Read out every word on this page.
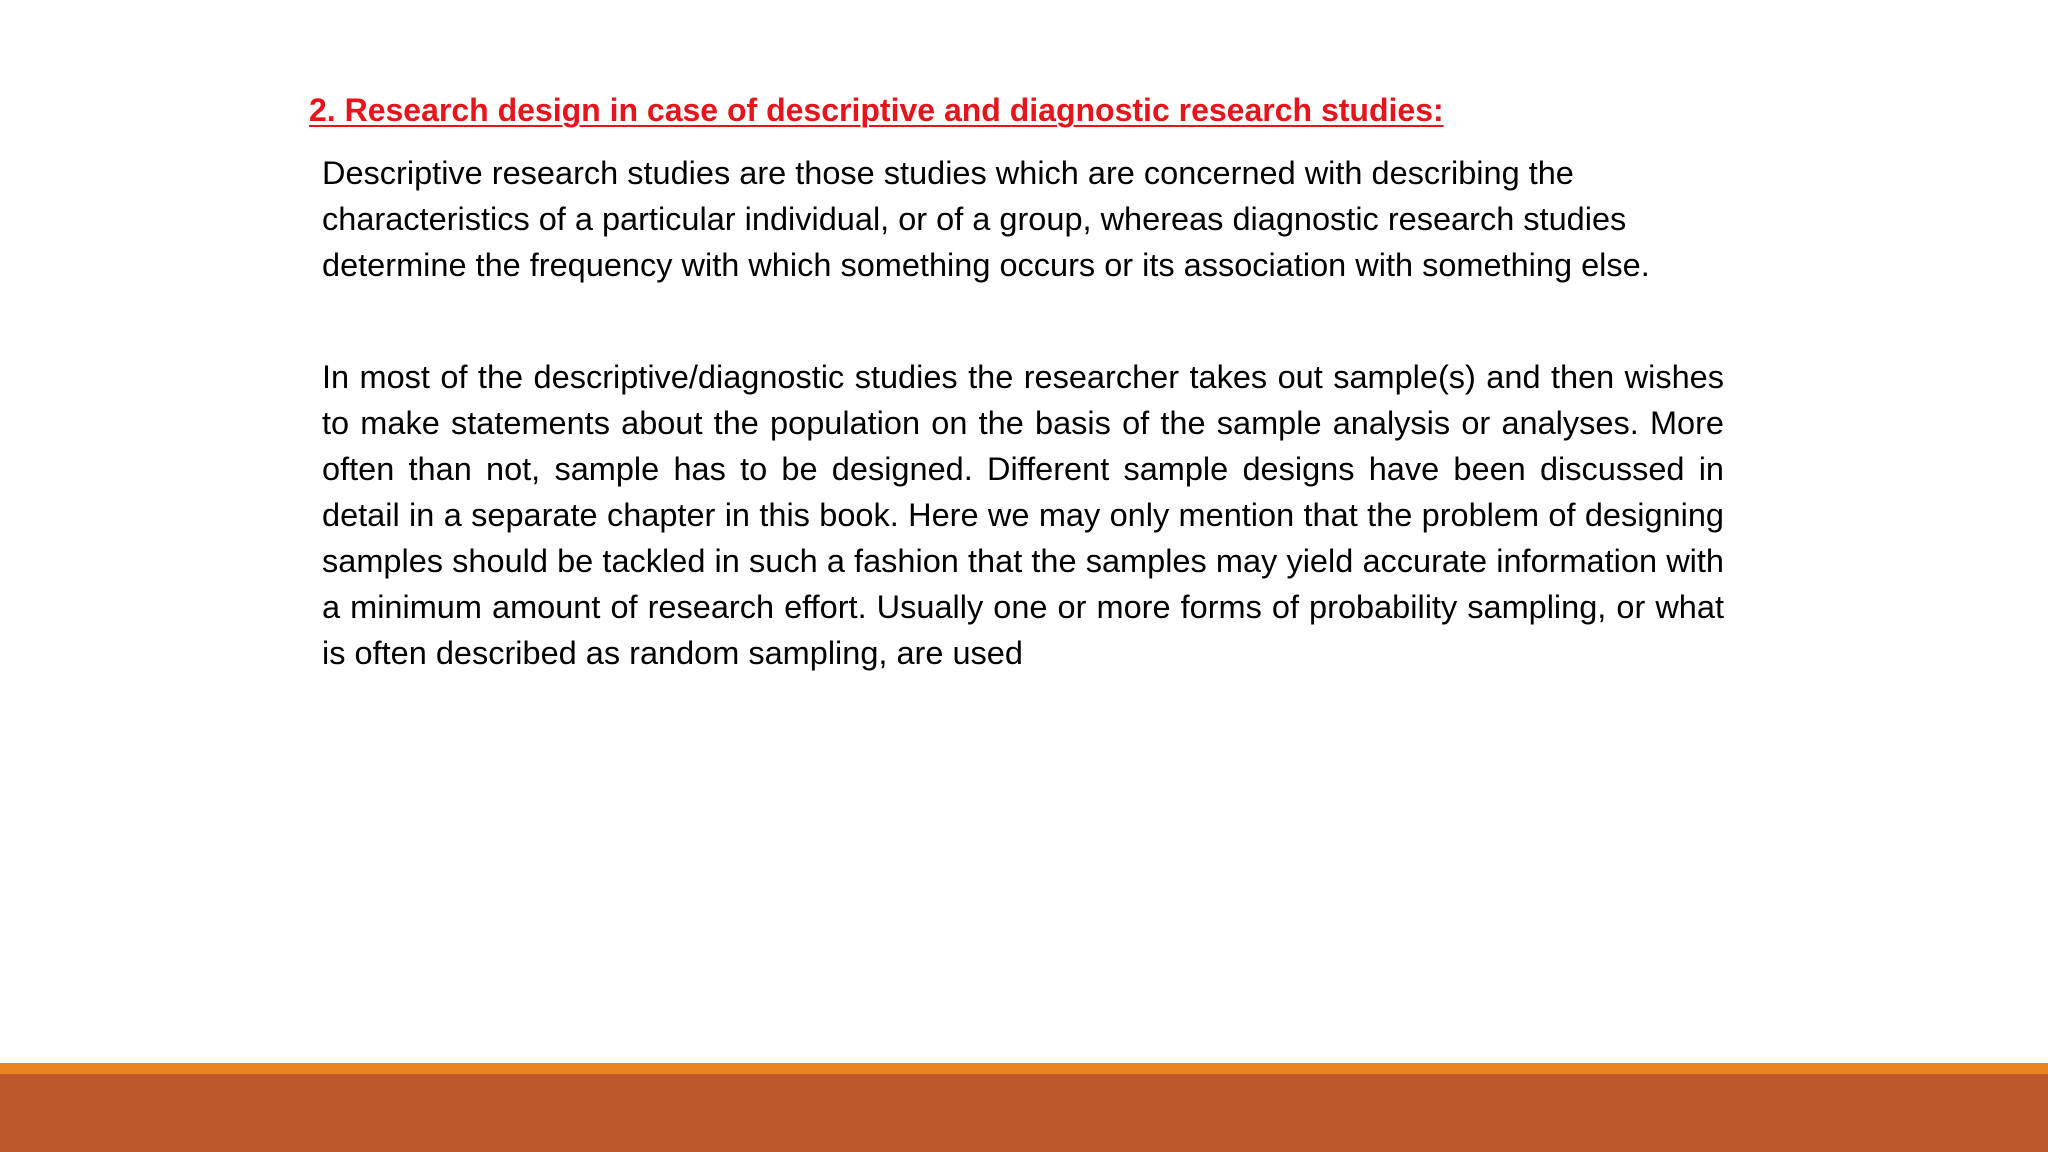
2. Research design in case of descriptive and diagnostic research studies:

Descriptive research studies are those studies which are concerned with describing the characteristics of a particular individual, or of a group, whereas diagnostic research studies determine the frequency with which something occurs or its association with something else.

In most of the descriptive/diagnostic studies the researcher takes out sample(s) and then wishes to make statements about the population on the basis of the sample analysis or analyses. More often than not, sample has to be designed. Different sample designs have been discussed in detail in a separate chapter in this book. Here we may only mention that the problem of designing samples should be tackled in such a fashion that the samples may yield accurate information with a minimum amount of research effort. Usually one or more forms of probability sampling, or what is often described as random sampling, are used
